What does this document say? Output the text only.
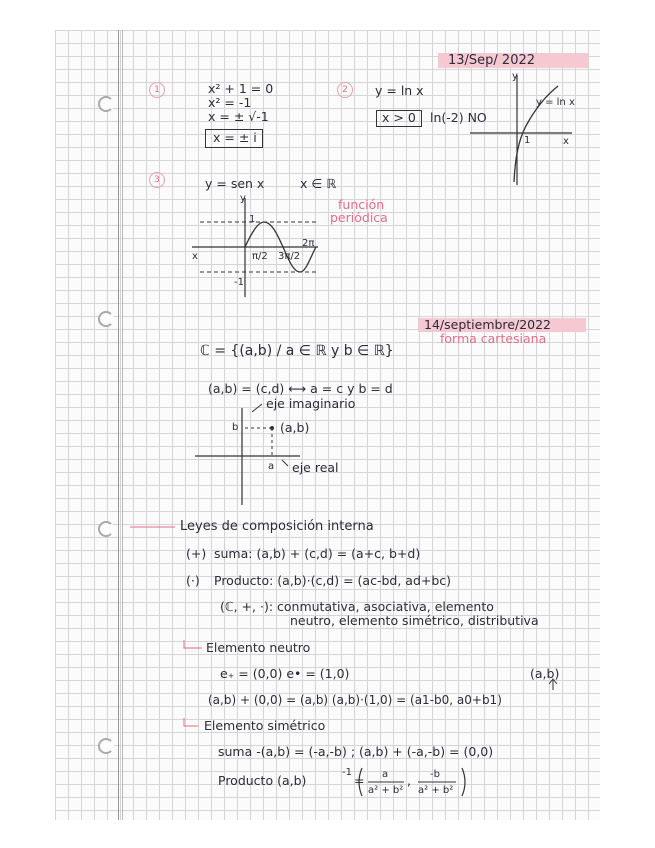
13/Sep/ 2022
1	2
3
x² + 1 = 0
x² = -1
x = ± √-1
x = ± i
y = ln x
x > 0 ln(-2) NO
y
x
y = ln x
1
y = sen x	x ∈ ℝ
función
periódica
y
x
1
-1
π/2 3π/2
2π
14/septiembre/2022
forma cartesiana
ℂ = {(a,b) / a ∈ ℝ y b ∈ ℝ}
(a,b) = (c,d) ⟷ a = c y b = d
eje imaginario
eje real
(a,b)
a
b
Leyes de composición interna
(+) suma: (a,b) + (c,d) = (a+c, b+d)
(·) Producto: (a,b)·(c,d) = (ac-bd, ad+bc)
(ℂ, +, ·): conmutativa, asociativa, elemento
neutro, elemento simétrico, distributiva
Elemento neutro
e₊ = (0,0) e• = (1,0)	(a,b)
(a,b) + (0,0) = (a,b) (a,b)·(1,0) = (a1-b0, a0+b1)
Elemento simétrico
suma -(a,b) = (-a,-b) ; (a,b) + (-a,-b) = (0,0)
Producto (a,b)
-1
= a
a² + b²
, -b
a² + b²
